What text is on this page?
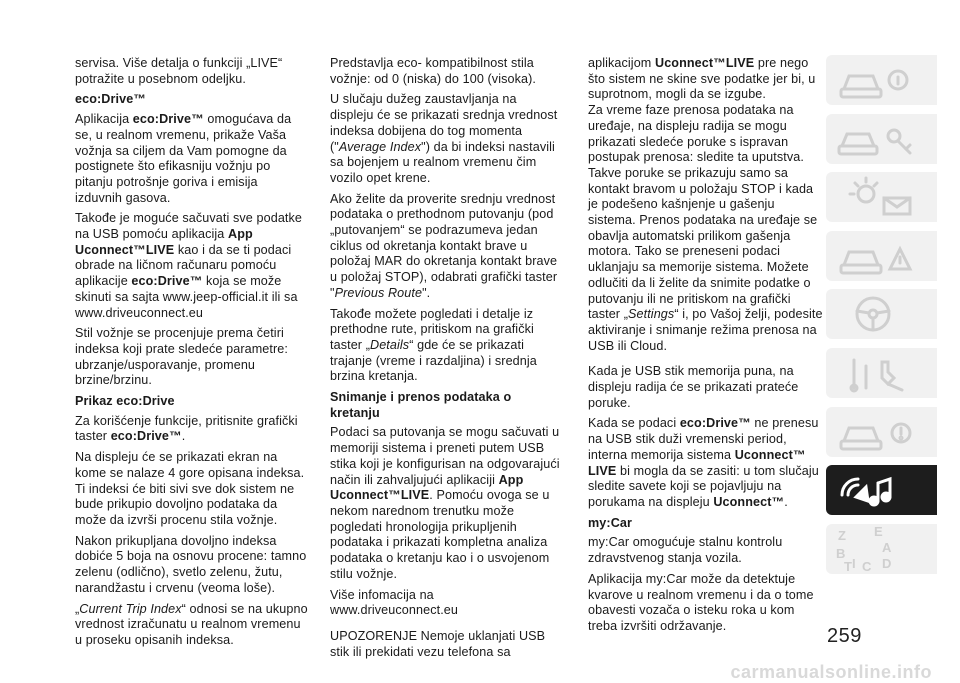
servisa. Više detalja o funkciji „LIVE“ potražite u posebnom odeljku.

eco:Drive™

Aplikacija eco:Drive™ omogućava da se, u realnom vremenu, prikaže Vaša vožnja sa ciljem da Vam pomogne da postignete što efikasniju vožnju po pitanju potrošnje goriva i emisija izduvnih gasova.

Takođe je moguće sačuvati sve podatke na USB pomoću aplikacija App Uconnect™LIVE kao i da se ti podaci obrade na ličnom računaru pomoću aplikacije eco:Drive™ koja se može skinuti sa sajta www.jeep-official.it ili sa www.driveuconnect.eu

Stil vožnje se procenjuje prema četiri indeksa koji prate sledeće parametre: ubrzanje/usporavanje, promenu brzine/brzinu.

Prikaz eco:Drive

Za korišćenje funkcije, pritisnite grafički taster eco:Drive™.

Na displeju će se prikazati ekran na kome se nalaze 4 gore opisana indeksa. Ti indeksi će biti sivi sve dok sistem ne bude prikupio dovoljno podataka da može da izvrši procenu stila vožnje.

Nakon prikupljana dovoljno indeksa dobiće 5 boja na osnovu procene: tamno zelenu (odlično), svetlo zelenu, žutu, narandžastu i crvenu (veoma loše).

„Current Trip Index“ odnosi se na ukupno vrednost izračunatu u realnom vremenu u proseku opisanih indeksa.

Predstavlja eco- kompatibilnost stila vožnje: od 0 (niska) do 100 (visoka).

U slučaju dužeg zaustavljanja na displeju će se prikazati srednja vrednost indeksa dobijena do tog momenta ("Average Index") da bi indeksi nastavili sa bojenjem u realnom vremenu čim vozilo opet krene.

Ako želite da proverite srednju vrednost podataka o prethodnom putovanju (pod „putovanjem“ se podrazumeva jedan ciklus od okretanja kontakt brave u položaj MAR do okretanja kontakt brave u položaj STOP), odabrati grafički taster "Previous Route".

Takođe možete pogledati i detalje iz prethodne rute, pritiskom na grafički taster „Details“ gde će se prikazati trajanje (vreme i razdaljina) i srednja brzina kretanja.

Snimanje i prenos podataka o kretanju

Podaci sa putovanja se mogu sačuvati u memoriji sistema i preneti putem USB stika koji je konfigurisan na odgovarajući način ili zahvaljujući aplikaciji App Uconnect™LIVE. Pomoću ovoga se u nekom narednom trenutku može pogledati hronologija prikupljenih podataka i prikazati kompletna analiza podataka o kretanju kao i o usvojenom stilu vožnje.

Više infomacija na www.driveuconnect.eu

UPOZORENJE Nemoje uklanjati USB stik ili prekidati vezu telefona sa

aplikacijom Uconnect™LIVE pre nego što sistem ne skine sve podatke jer bi, u suprotnom, mogli da se izgube.

Za vreme faze prenosa podataka na uređaje, na displeju radija se mogu prikazati sledeće poruke s ispravan postupak prenosa: sledite ta uputstva. Takve poruke se prikazuju samo sa kontakt bravom u položaju STOP i kada je podešeno kašnjenje u gašenju sistema. Prenos podataka na uređaje se obavlja automatski prilikom gašenja motora. Tako se preneseni podaci uklanjaju sa memorije sistema. Možete odlučiti da li želite da snimite podatke o putovanju ili ne pritiskom na grafički taster „Settings“ i, po Vašoj želji, podesite aktiviranje i snimanje režima prenosa na USB ili Cloud.

Kada je USB stik memorija puna, na displeju radija će se prikazati prateće poruke.

Kada se podaci eco:Drive™ ne prenesu na USB stik duži vremenski period, interna memorija sistema Uconnect™ LIVE bi mogla da se zasiti: u tom slučaju sledite savete koji se pojavljuju na porukama na displeju Uconnect™.

my:Car

my:Car omogućuje stalnu kontrolu zdravstvenog stanja vozila.

Aplikacija my:Car može da detektuje kvarove u realnom vremenu i da o tome obavesti vozača o isteku roka u kom treba izvršiti održavanje.

Z E
B	A
I C
T D
259
carmanualsonline.info
